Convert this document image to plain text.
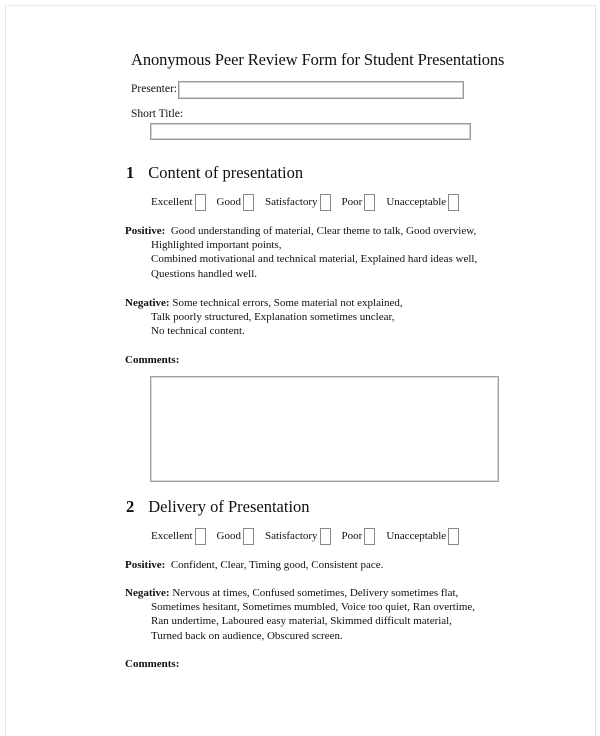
Anonymous Peer Review Form for Student Presentations
Presenter:
Short Title:
1 Content of presentation
Excellent Good Satisfactory Poor Unacceptable
Positive: Good understanding of material, Clear theme to talk, Good overview,
Highlighted important points,
Combined motivational and technical material, Explained hard ideas well,
Questions handled well.
Negative: Some technical errors, Some material not explained,
Talk poorly structured, Explanation sometimes unclear,
No technical content.
Comments:
2 Delivery of Presentation
Excellent Good Satisfactory Poor Unacceptable
Positive: Confident, Clear, Timing good, Consistent pace.
Negative: Nervous at times, Confused sometimes, Delivery sometimes flat,
Sometimes hesitant, Sometimes mumbled, Voice too quiet, Ran overtime,
Ran undertime, Laboured easy material, Skimmed difficult material,
Turned back on audience, Obscured screen.
Comments:
